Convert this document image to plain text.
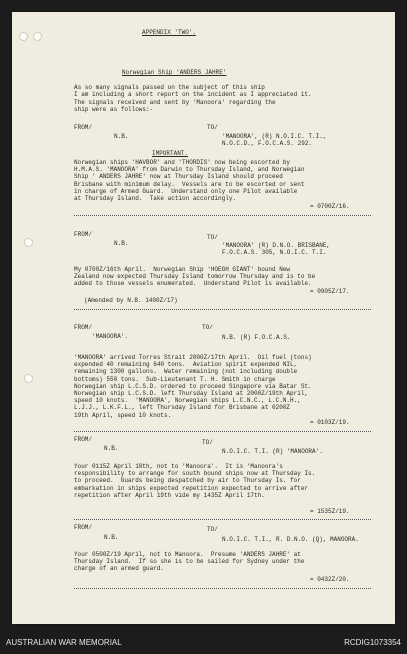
APPENDIX 'TWO'.
Norwegian Ship 'ANDERS JAHRE'
As so many signals passed on the subject of this ship
I am including a short report on the incident as I appreciated it.
The signals received and sent by 'Manoora' regarding the
ship were as follows:-
FROM/	TO/
N.B.	'MANOORA', (R) N.O.I.C. T.I.,
N.O.C.D., F.O.C.A.S. 292.
IMPORTANT.
Norwegian ships 'HAVBOR' and 'THORDIS' now being escorted by
H.M.A.S. 'MANOORA' from Darwin to Thursday Island, and Norwegian
Ship ' ANDERS JAHRE' now at Thursday Island should proceed
Brisbane with minimum delay.  Vessels are to be escorted or sent
in charge of Armed Guard.  Understand only one Pilot available
at Thursday Island.  Take action accordingly.
= 0700Z/16.
FROM/	TO/
N.B.	'MANOORA' (R) D.N.O. BRISBANE,
F.O.C.A.S. 305, N.O.I.C. T.I.
My 0700Z/16th April.  Norwegian Ship 'HOEGH GIANT' bound New
Zealand now expected Thursday Island tomorrow Thursday and is to be
added to those vessels enumerated.  Understand Pilot is available.
= 0905Z/17.
(Amended by N.B. 1400Z/17)
FROM/	TO/
'MANOORA'.	N.B. (R) F.O.C.A.S.
'MANOORA' arrived Torres Strait 2000Z/17th April.  Oil fuel (tons)
expended 40 remaining 640 tons.  Aviation spirit expended NIL,
remaining 1300 gallons.  Water remaining (not including double
bottoms) 550 tons.  Sub-Lieutenant T. H. Smith in charge
Norwegian ship L.C.S.D. ordered to proceed Singapore via Batar St.
Norwegian ship L.C.S.D. left Thursday Island at 2000Z/19th April,
speed 10 knots.  'MANOORA', Norwegian ships L.C.N.C., L.C.N.H.,
L.J.J., L.K.F.L., left Thursday Island for Brisbane at 0200Z
19th April, speed 10 knots.
= 0103Z/19.
FROM/	TO/
N.B.	N.O.I.C. T.I. (R) 'MANOORA'.
Your 0115Z April 18th, not to 'Manoora'.  It is 'Manoora's
responsibility to arrange for south bound ships now at Thursday Is.
to proceed.  Guards being despatched by air to Thursday Is. for
embarkation in ships expected repetition expected to arrive after
repetition after April 19th vide my 1435Z April 17th.
= 1535Z/19.
FROM/	TO/
N.B.	N.O.I.C. T.I., R. D.N.O. (Q), MANOORA.
Your 0500Z/19 April, not to Manoora.  Presume 'ANDERS JAHRE' at
Thursday Island.  If so she is to be sailed for Sydney under the
charge of an armed guard.
= 0432Z/20.
AUSTRALIAN WAR MEMORIAL	RCDIG1073354
